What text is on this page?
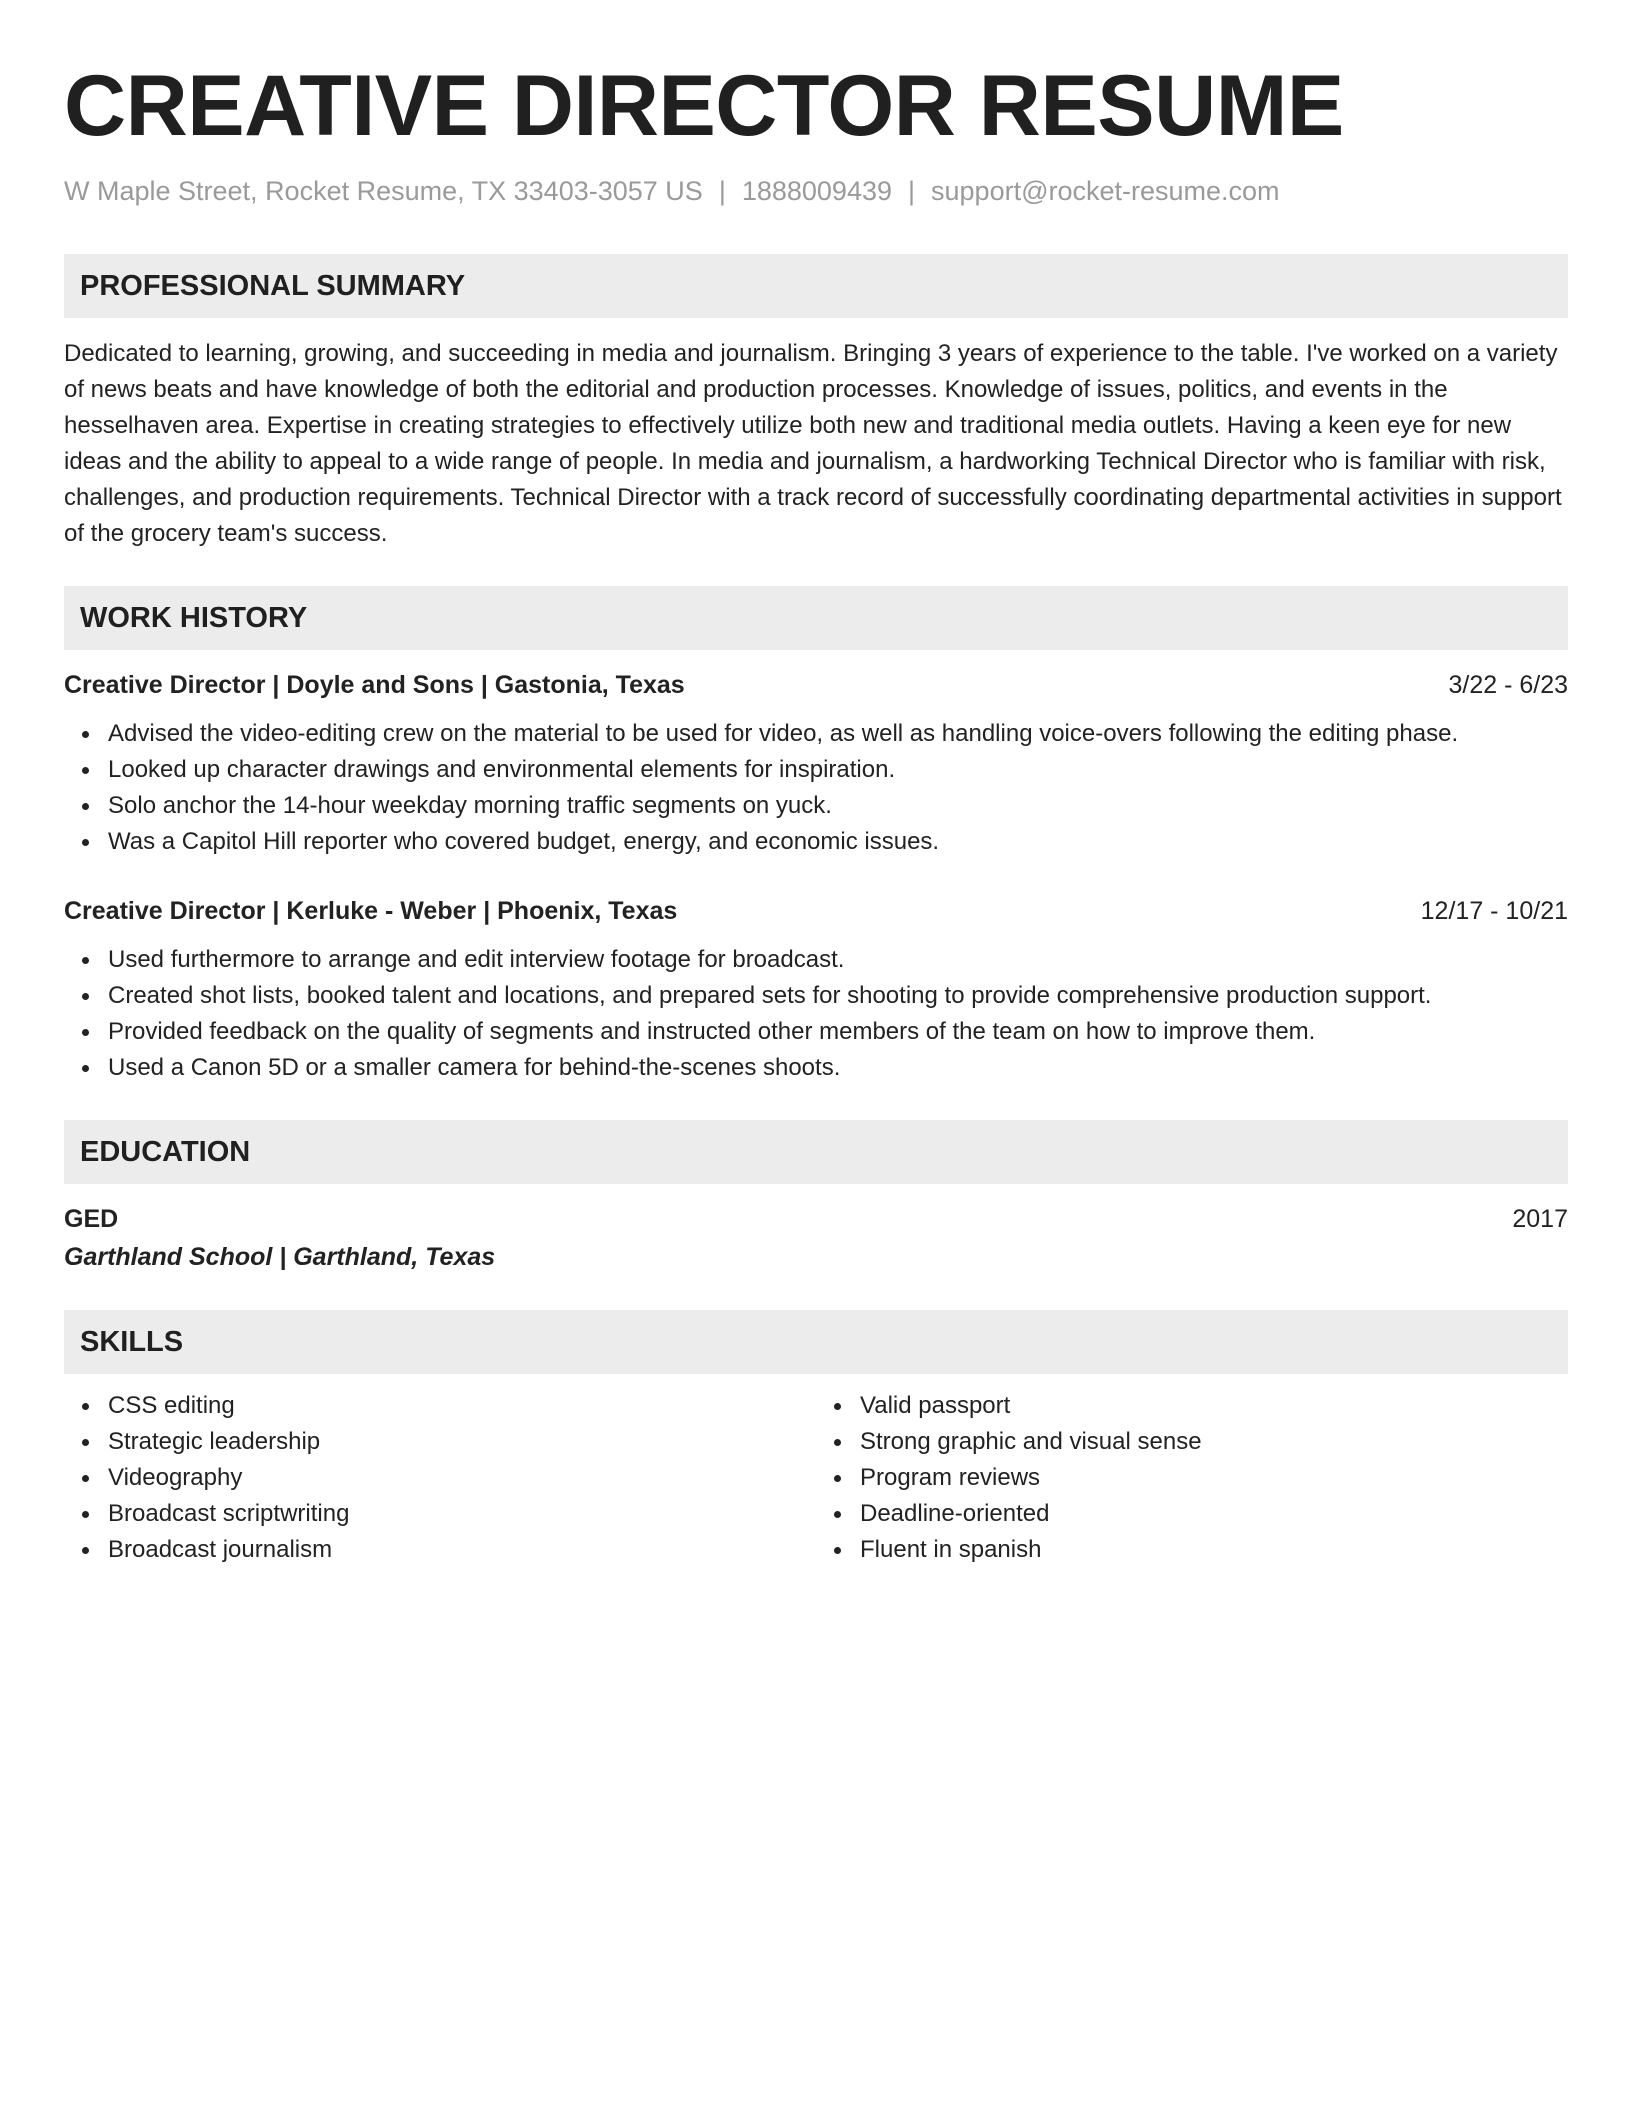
CREATIVE DIRECTOR RESUME
W Maple Street, Rocket Resume, TX 33403-3057 US | 1888009439 | support@rocket-resume.com
PROFESSIONAL SUMMARY

Dedicated to learning, growing, and succeeding in media and journalism. Bringing 3 years of experience to the table. I've worked on a variety of news beats and have knowledge of both the editorial and production processes. Knowledge of issues, politics, and events in the hesselhaven area. Expertise in creating strategies to effectively utilize both new and traditional media outlets. Having a keen eye for new ideas and the ability to appeal to a wide range of people. In media and journalism, a hardworking Technical Director who is familiar with risk, challenges, and production requirements. Technical Director with a track record of successfully coordinating departmental activities in support of the grocery team's success.

WORK HISTORY
Creative Director | Doyle and Sons | Gastonia, Texas	3/22 - 6/23
Advised the video-editing crew on the material to be used for video, as well as handling voice-overs following the editing phase.
Looked up character drawings and environmental elements for inspiration.
Solo anchor the 14-hour weekday morning traffic segments on yuck.
Was a Capitol Hill reporter who covered budget, energy, and economic issues.
Creative Director | Kerluke - Weber | Phoenix, Texas	12/17 - 10/21
Used furthermore to arrange and edit interview footage for broadcast.
Created shot lists, booked talent and locations, and prepared sets for shooting to provide comprehensive production support.
Provided feedback on the quality of segments and instructed other members of the team on how to improve them.
Used a Canon 5D or a smaller camera for behind-the-scenes shoots.
EDUCATION
GED	2017
Garthland School | Garthland, Texas
SKILLS
CSS editing
Strategic leadership
Videography
Broadcast scriptwriting
Broadcast journalism
Valid passport
Strong graphic and visual sense
Program reviews
Deadline-oriented
Fluent in spanish
